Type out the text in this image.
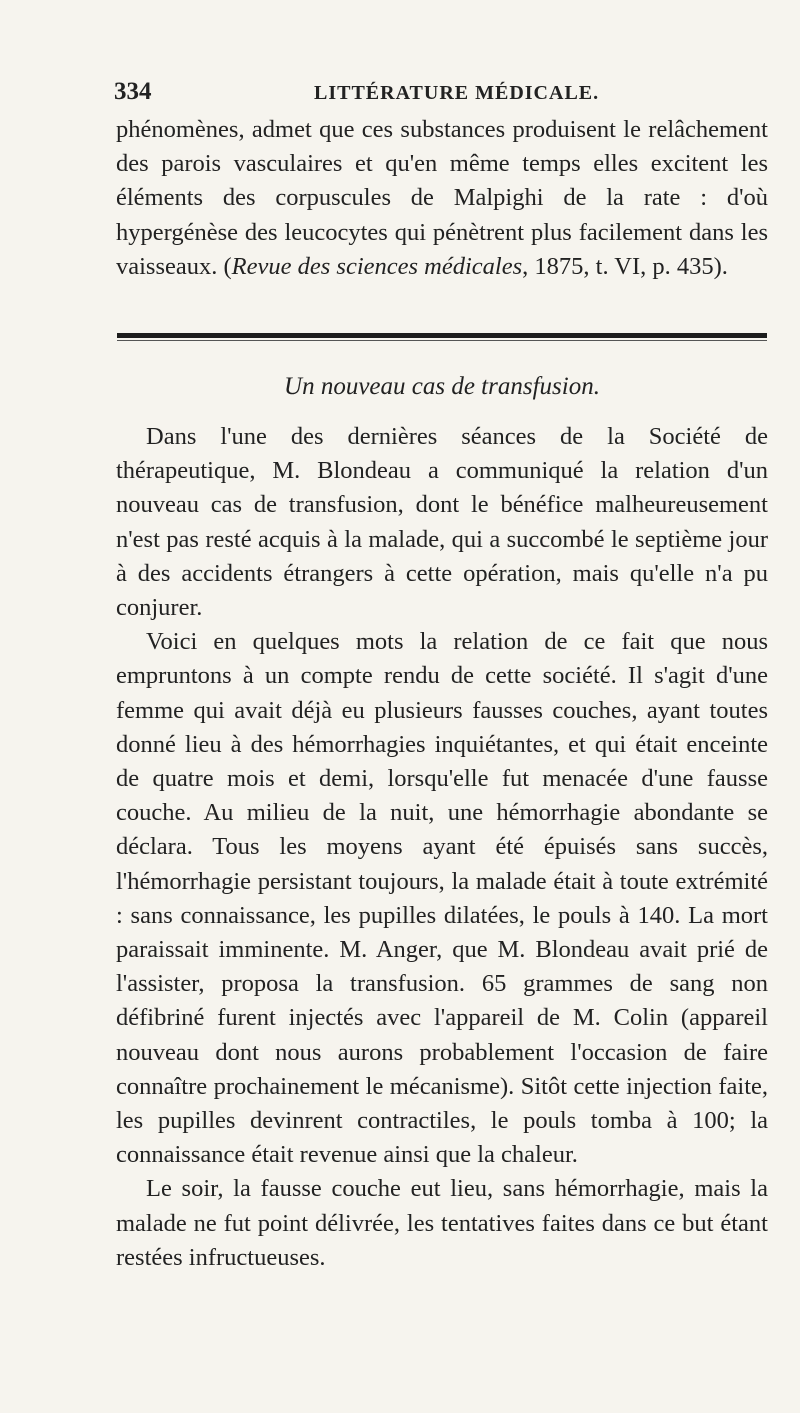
334	LITTÉRATURE MÉDICALE.

phénomènes, admet que ces substances produisent le relâchement des parois vasculaires et qu'en même temps elles excitent les éléments des corpuscules de Malpighi de la rate : d'où hypergénèse des leucocytes qui pénètrent plus facilement dans les vaisseaux. (Revue des sciences médicales, 1875, t. VI, p. 435).

Un nouveau cas de transfusion.

Dans l'une des dernières séances de la Société de thérapeutique, M. Blondeau a communiqué la relation d'un nouveau cas de transfusion, dont le bénéfice malheureusement n'est pas resté acquis à la malade, qui a succombé le septième jour à des accidents étrangers à cette opération, mais qu'elle n'a pu conjurer.

Voici en quelques mots la relation de ce fait que nous empruntons à un compte rendu de cette société. Il s'agit d'une femme qui avait déjà eu plusieurs fausses couches, ayant toutes donné lieu à des hémorrhagies inquiétantes, et qui était enceinte de quatre mois et demi, lorsqu'elle fut menacée d'une fausse couche. Au milieu de la nuit, une hémorrhagie abondante se déclara. Tous les moyens ayant été épuisés sans succès, l'hémorrhagie persistant toujours, la malade était à toute extrémité : sans connaissance, les pupilles dilatées, le pouls à 140. La mort paraissait imminente. M. Anger, que M. Blondeau avait prié de l'assister, proposa la transfusion. 65 grammes de sang non défibriné furent injectés avec l'appareil de M. Colin (appareil nouveau dont nous aurons probablement l'occasion de faire connaître prochainement le mécanisme). Sitôt cette injection faite, les pupilles devinrent contractiles, le pouls tomba à 100; la connaissance était revenue ainsi que la chaleur.

Le soir, la fausse couche eut lieu, sans hémorrhagie, mais la malade ne fut point délivrée, les tentatives faites dans ce but étant restées infructueuses.
